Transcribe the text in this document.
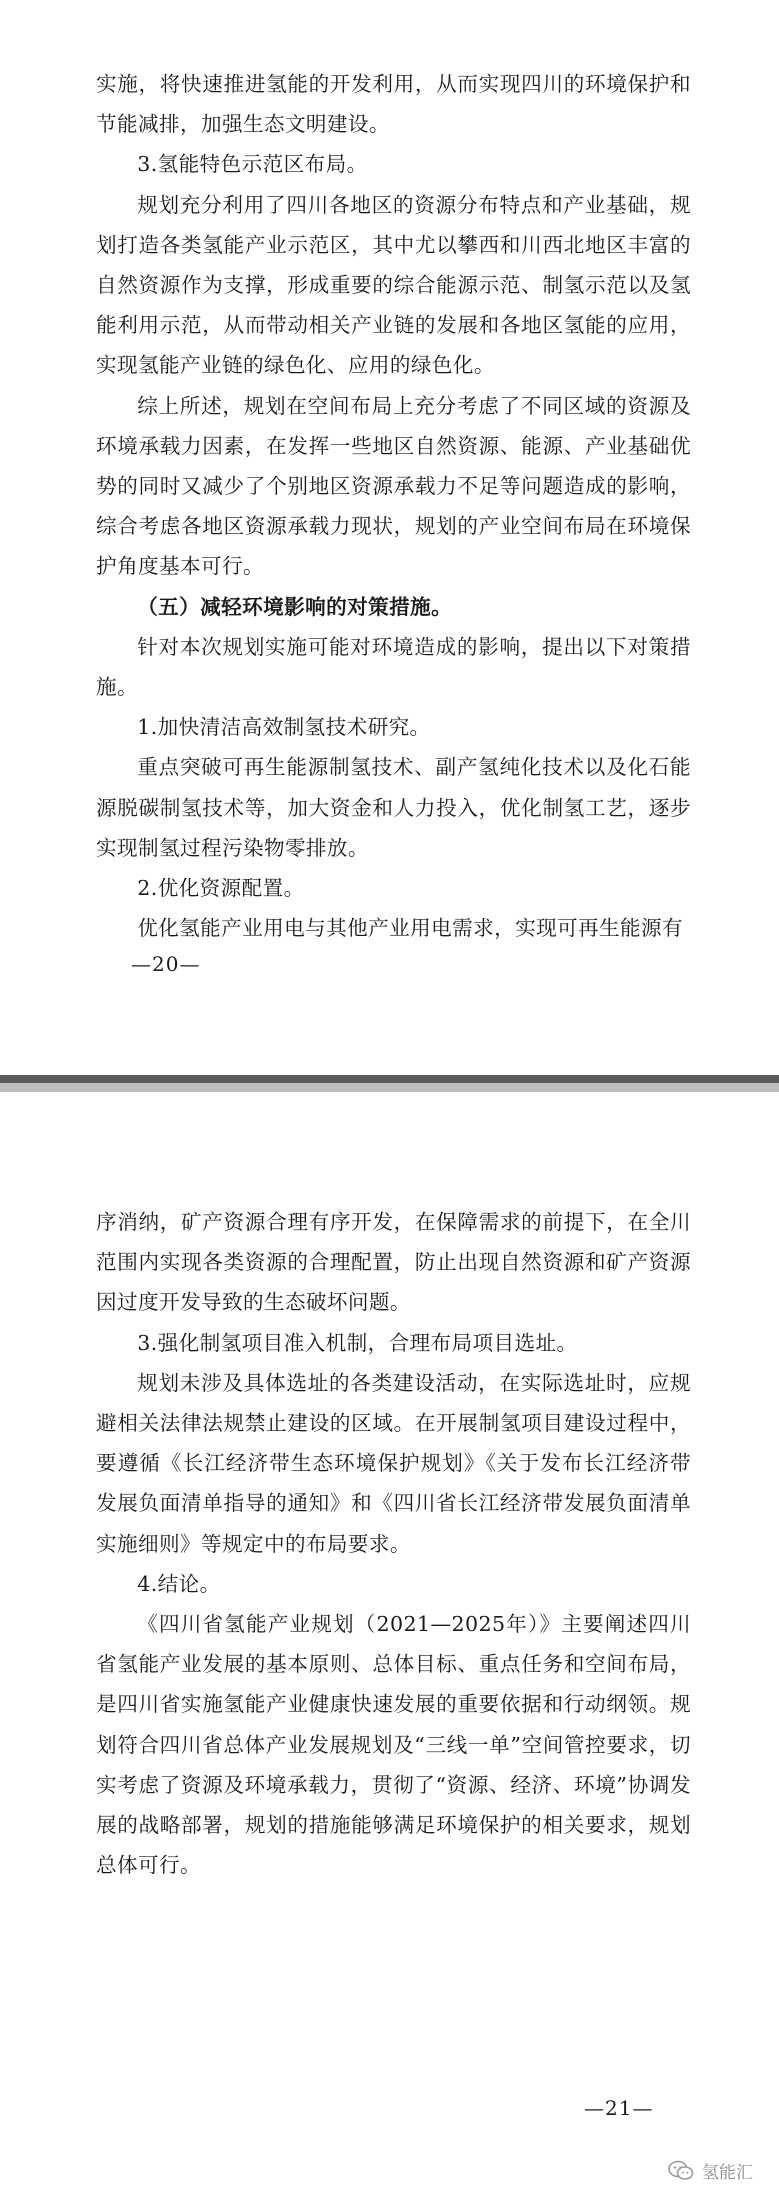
实施，将快速推进氢能的开发利用，从而实现四川的环境保护和节能减排，加强生态文明建设。

3.氢能特色示范区布局。

规划充分利用了四川各地区的资源分布特点和产业基础，规划打造各类氢能产业示范区，其中尤以攀西和川西北地区丰富的自然资源作为支撑，形成重要的综合能源示范、制氢示范以及氢能利用示范，从而带动相关产业链的发展和各地区氢能的应用，实现氢能产业链的绿色化、应用的绿色化。

综上所述，规划在空间布局上充分考虑了不同区域的资源及环境承载力因素，在发挥一些地区自然资源、能源、产业基础优势的同时又减少了个别地区资源承载力不足等问题造成的影响，综合考虑各地区资源承载力现状，规划的产业空间布局在环境保护角度基本可行。

（五）减轻环境影响的对策措施。

针对本次规划实施可能对环境造成的影响，提出以下对策措施。

1.加快清洁高效制氢技术研究。

重点突破可再生能源制氢技术、副产氢纯化技术以及化石能源脱碳制氢技术等，加大资金和人力投入，优化制氢工艺，逐步实现制氢过程污染物零排放。

2.优化资源配置。

优化氢能产业用电与其他产业用电需求，实现可再生能源有

—20—

序消纳，矿产资源合理有序开发，在保障需求的前提下，在全川范围内实现各类资源的合理配置，防止出现自然资源和矿产资源因过度开发导致的生态破坏问题。

3.强化制氢项目准入机制，合理布局项目选址。

规划未涉及具体选址的各类建设活动，在实际选址时，应规避相关法律法规禁止建设的区域。在开展制氢项目建设过程中，要遵循《长江经济带生态环境保护规划》《关于发布长江经济带发展负面清单指导的通知》和《四川省长江经济带发展负面清单实施细则》等规定中的布局要求。

4.结论。

《四川省氢能产业规划（2021—2025年）》主要阐述四川省氢能产业发展的基本原则、总体目标、重点任务和空间布局，是四川省实施氢能产业健康快速发展的重要依据和行动纲领。规划符合四川省总体产业发展规划及“三线一单”空间管控要求，切实考虑了资源及环境承载力，贯彻了“资源、经济、环境”协调发展的战略部署，规划的措施能够满足环境保护的相关要求，规划总体可行。

—21—
氢能汇
